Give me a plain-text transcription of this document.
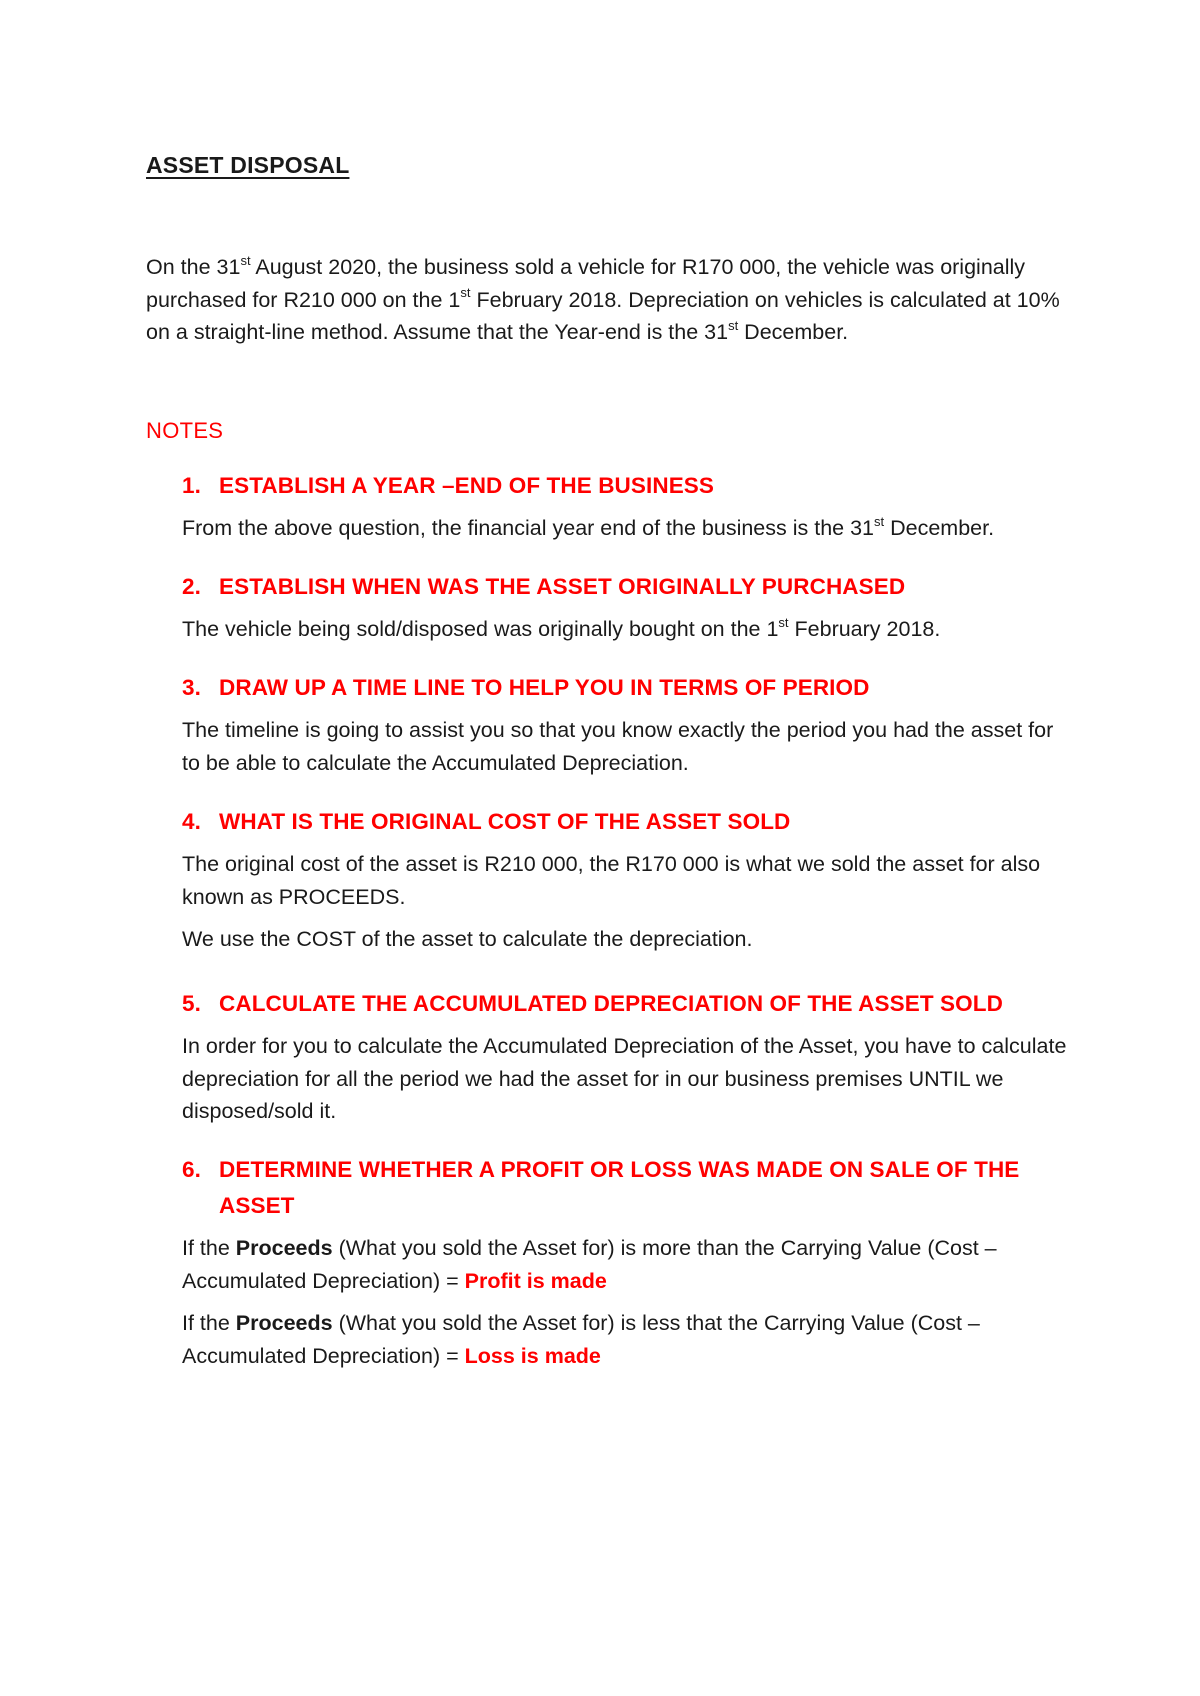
ASSET DISPOSAL
On the 31st August 2020, the business sold a vehicle for R170 000, the vehicle was originally purchased for R210 000 on the 1st February 2018. Depreciation on vehicles is calculated at 10% on a straight-line method. Assume that the Year-end is the 31st December.
NOTES
1. ESTABLISH A YEAR –END OF THE BUSINESS
From the above question, the financial year end of the business is the 31st December.
2. ESTABLISH WHEN WAS THE ASSET ORIGINALLY PURCHASED
The vehicle being sold/disposed was originally bought on the 1st February 2018.
3. DRAW UP A TIME LINE TO HELP YOU IN TERMS OF PERIOD
The timeline is going to assist you so that you know exactly the period you had the asset for to be able to calculate the Accumulated Depreciation.
4. WHAT IS THE ORIGINAL COST OF THE ASSET SOLD
The original cost of the asset is R210 000, the R170 000 is what we sold the asset for also known as PROCEEDS.
We use the COST of the asset to calculate the depreciation.
5. CALCULATE THE ACCUMULATED DEPRECIATION OF THE ASSET SOLD
In order for you to calculate the Accumulated Depreciation of the Asset, you have to calculate depreciation for all the period we had the asset for in our business premises UNTIL we disposed/sold it.
6. DETERMINE WHETHER A PROFIT OR LOSS WAS MADE ON SALE OF THE ASSET
If the Proceeds (What you sold the Asset for) is more than the Carrying Value (Cost – Accumulated Depreciation) = Profit is made
If the Proceeds (What you sold the Asset for) is less that the Carrying Value (Cost – Accumulated Depreciation) = Loss is made
